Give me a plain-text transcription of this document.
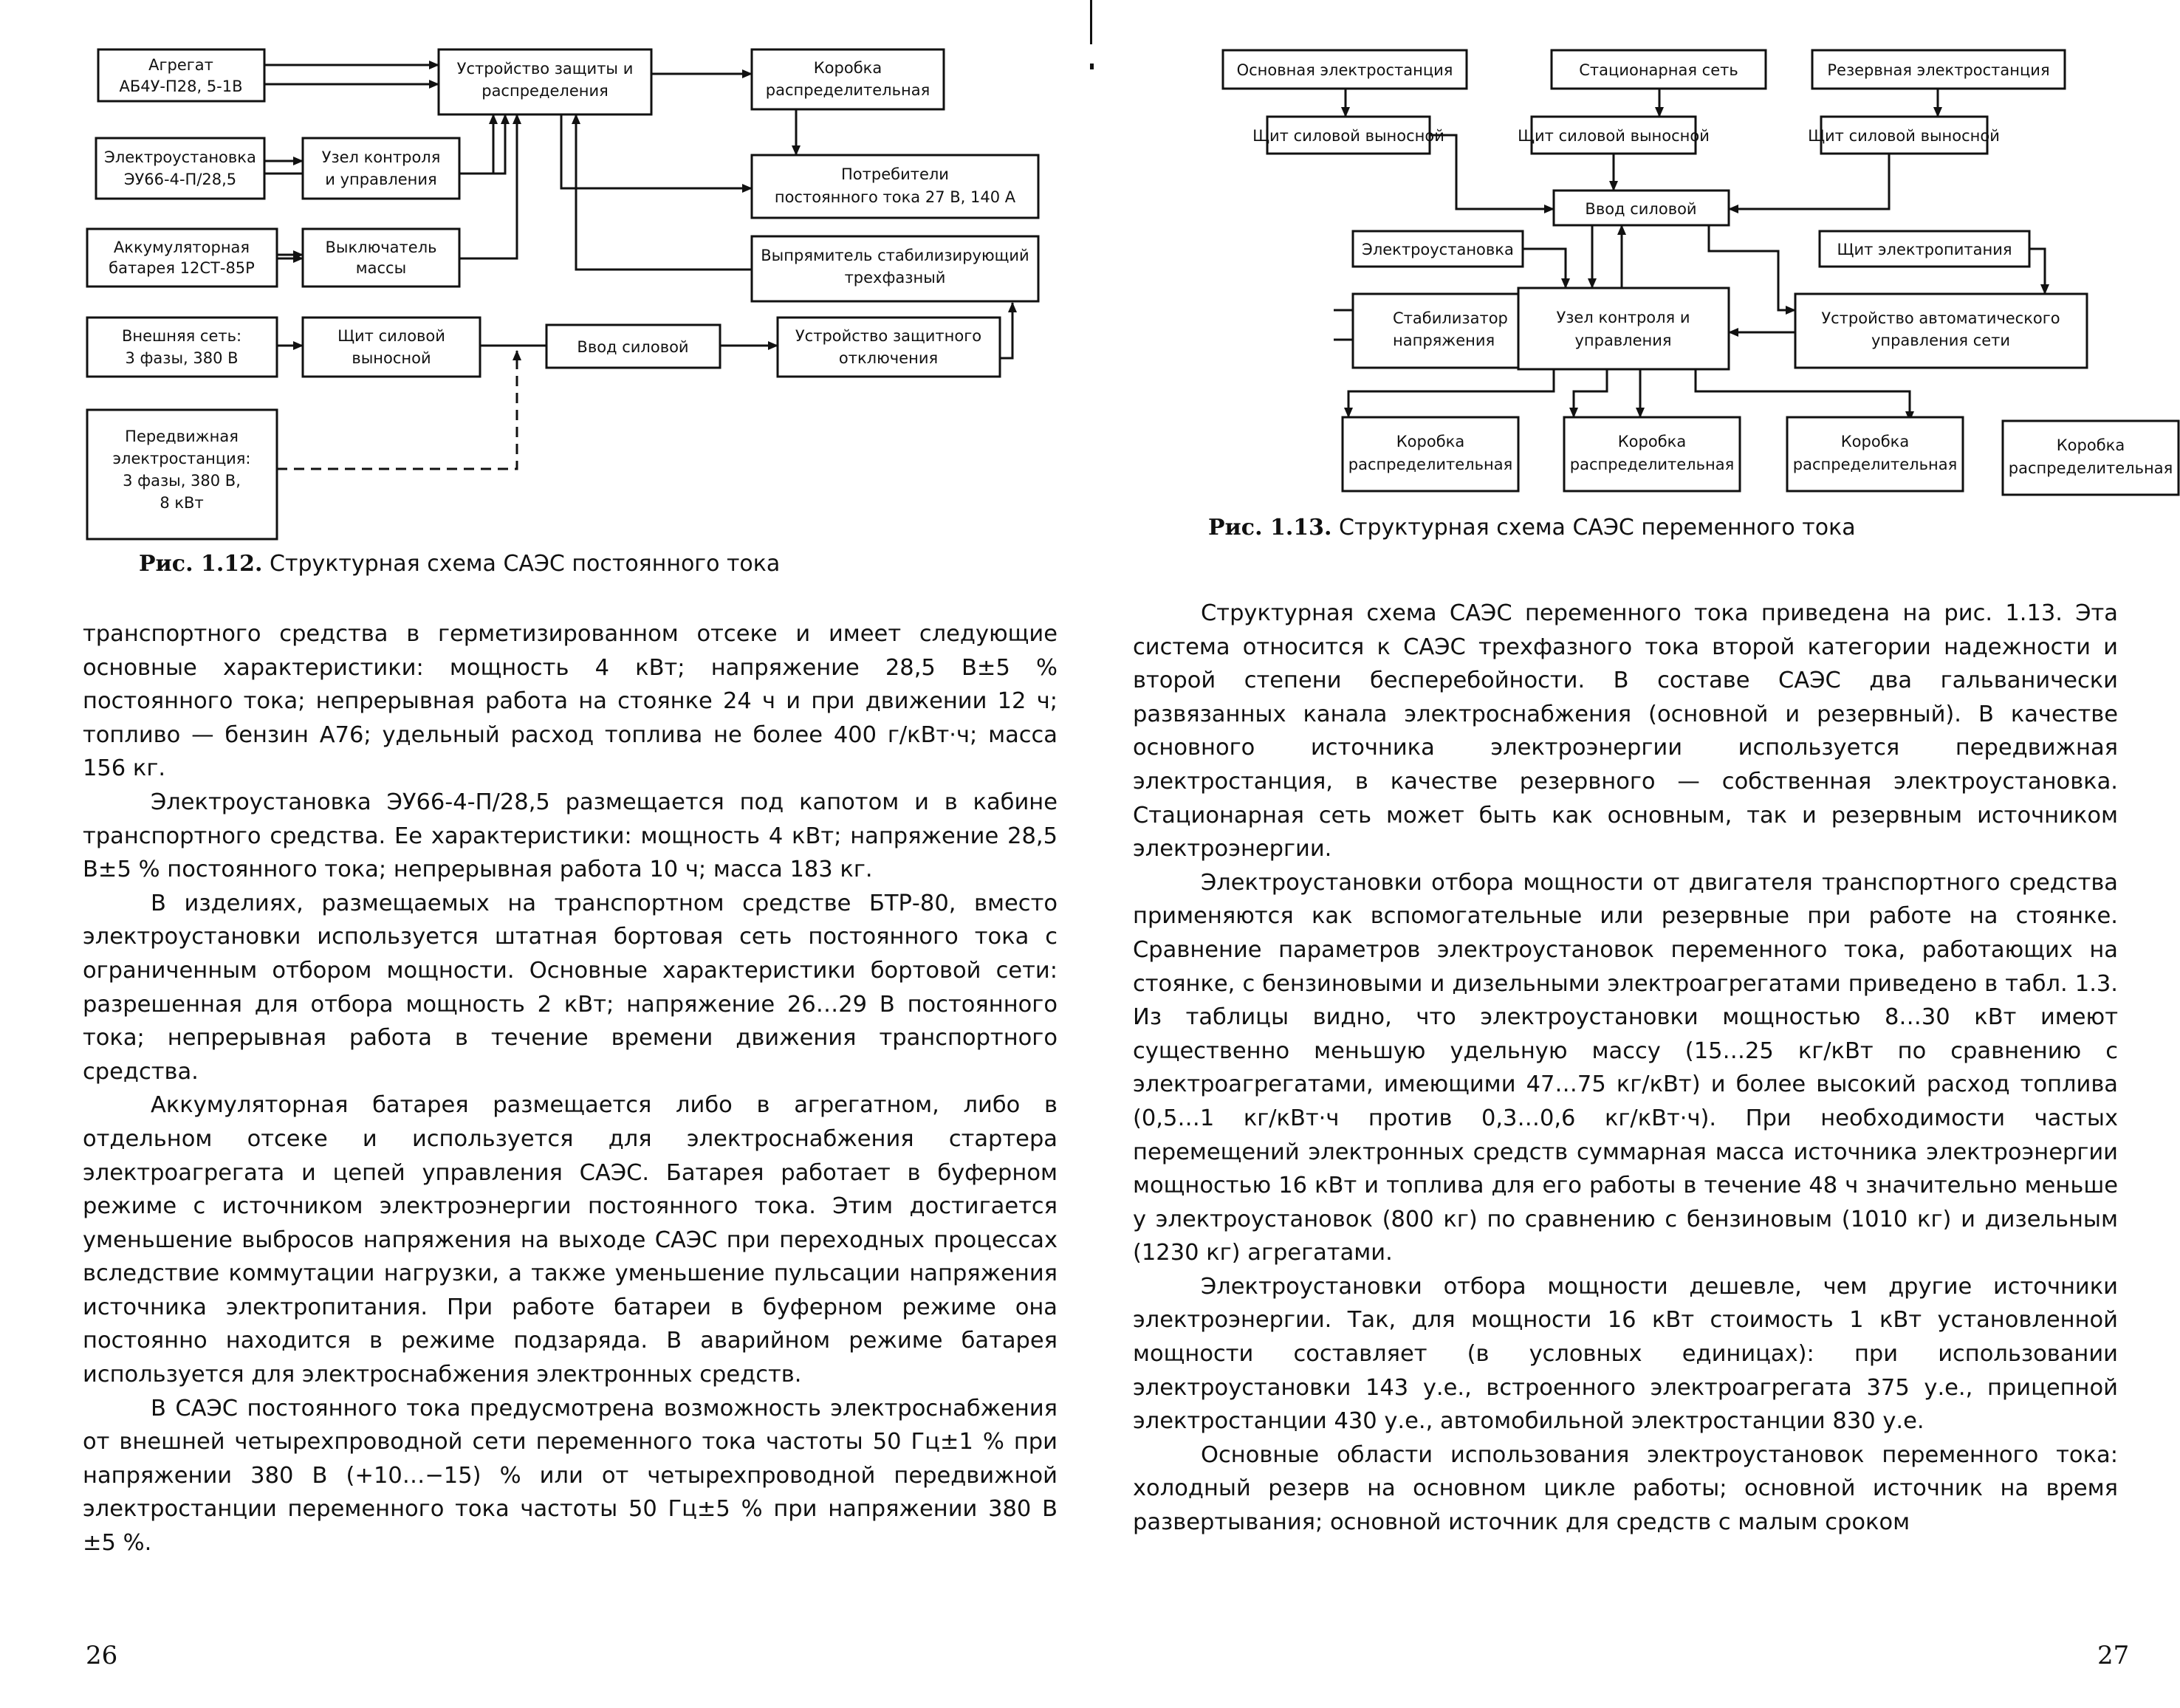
Агрегат
АБ4У-П28, 5-1В
Электроустановка
ЭУ66-4-П/28,5
Узел контроля
и управления
Аккумуляторная
батарея 12СТ-85Р
Выключатель
массы
Внешняя сеть:
3 фазы, 380 В
Щит силовой
выносной
Ввод силовой
Устройство защитного
отключения
Передвижная
электростанция:
3 фазы, 380 В,
8 кВт
Устройство защиты и
распределения
Коробка
распределительная
Потребители
постоянного тока 27 В, 140 А
Выпрямитель стабилизирующий
трехфазный
Рис. 1.12. Структурная схема САЭС постоянного тока

транспортного средства в герметизированном отсеке и имеет следующие основные характеристики: мощность 4 кВт; напряжение 28,5 В±5 % постоянного тока; непрерывная работа на стоянке 24 ч и при движении 12 ч; топливо — бензин А76; удельный расход топлива не более 400 г/кВт·ч; масса 156 кг.

Электроустановка ЭУ66-4-П/28,5 размещается под капотом и в кабине транспортного средства. Ее характеристики: мощность 4 кВт; напряжение 28,5 В±5 % постоянного тока; непрерывная работа 10 ч; масса 183 кг.

В изделиях, размещаемых на транспортном средстве БТР-80, вместо электроустановки используется штатная бортовая сеть постоянного тока с ограниченным отбором мощности. Основные характеристики бортовой сети: разрешенная для отбора мощность 2 кВт; напряжение 26…29 В постоянного тока; непрерывная работа в течение времени движения транспортного средства.

Аккумуляторная батарея размещается либо в агрегатном, либо в отдельном отсеке и используется для электроснабжения стартера электроагрегата и цепей управления САЭС. Батарея работает в буферном режиме с источником электроэнергии постоянного тока. Этим достигается уменьшение выбросов напряжения на выходе САЭС при переходных процессах вследствие коммутации нагрузки, а также уменьшение пульсации напряжения источника электропитания. При работе батареи в буферном режиме она постоянно находится в режиме подзаряда. В аварийном режиме батарея используется для электроснабжения электронных средств.

В САЭС постоянного тока предусмотрена возможность электроснабжения от внешней четырехпроводной сети переменного тока частоты 50 Гц±1 % при напряжении 380 В (+10…−15) % или от четырехпроводной передвижной электростанции переменного тока частоты 50 Гц±5 % при напряжении 380 В ±5 %.

26
Основная электростанция	Стационарная сеть	Резервная электростанция
Щит силовой выносной	Щит силовой выносной	Щит силовой выносной
Ввод силовой
Электроустановка	Щит электропитания
Стабилизатор
напряжения
Узел контроля и
управления
Устройство автоматического
управления сети
Коробка
распределительная
Коробка
распределительная
Коробка
распределительная
Коробка
распределительная
Рис. 1.13. Структурная схема САЭС переменного тока

Структурная схема САЭС переменного тока приведена на рис. 1.13. Эта система относится к САЭС трехфазного тока второй категории надежности и второй степени бесперебойности. В составе САЭС два гальванически развязанных канала электроснабжения (основной и резервный). В качестве основного источника электроэнергии используется передвижная электростанция, в качестве резервного — собственная электроустановка. Стационарная сеть может быть как основным, так и резервным источником электроэнергии.

Электроустановки отбора мощности от двигателя транспортного средства применяются как вспомогательные или резервные при работе на стоянке. Сравнение параметров электроустановок переменного тока, работающих на стоянке, с бензиновыми и дизельными электроагрегатами приведено в табл. 1.3. Из таблицы видно, что электроустановки мощностью 8…30 кВт имеют существенно меньшую удельную массу (15…25 кг/кВт по сравнению с электроагрегатами, имеющими 47…75 кг/кВт) и более высокий расход топлива (0,5…1 кг/кВт·ч против 0,3…0,6 кг/кВт·ч). При необходимости частых перемещений электронных средств суммарная масса источника электроэнергии мощностью 16 кВт и топлива для его работы в течение 48 ч значительно меньше у электроустановок (800 кг) по сравнению с бензиновым (1010 кг) и дизельным (1230 кг) агрегатами.

Электроустановки отбора мощности дешевле, чем другие источники электроэнергии. Так, для мощности 16 кВт стоимость 1 кВт установленной мощности составляет (в условных единицах): при использовании электроустановки 143 у.е., встроенного электроагрегата 375 у.е., прицепной электростанции 430 у.е., автомобильной электростанции 830 у.е.

Основные области использования электроустановок переменного тока: холодный резерв на основном цикле работы; основной источник на время развертывания; основной источник для средств с малым сроком

27
